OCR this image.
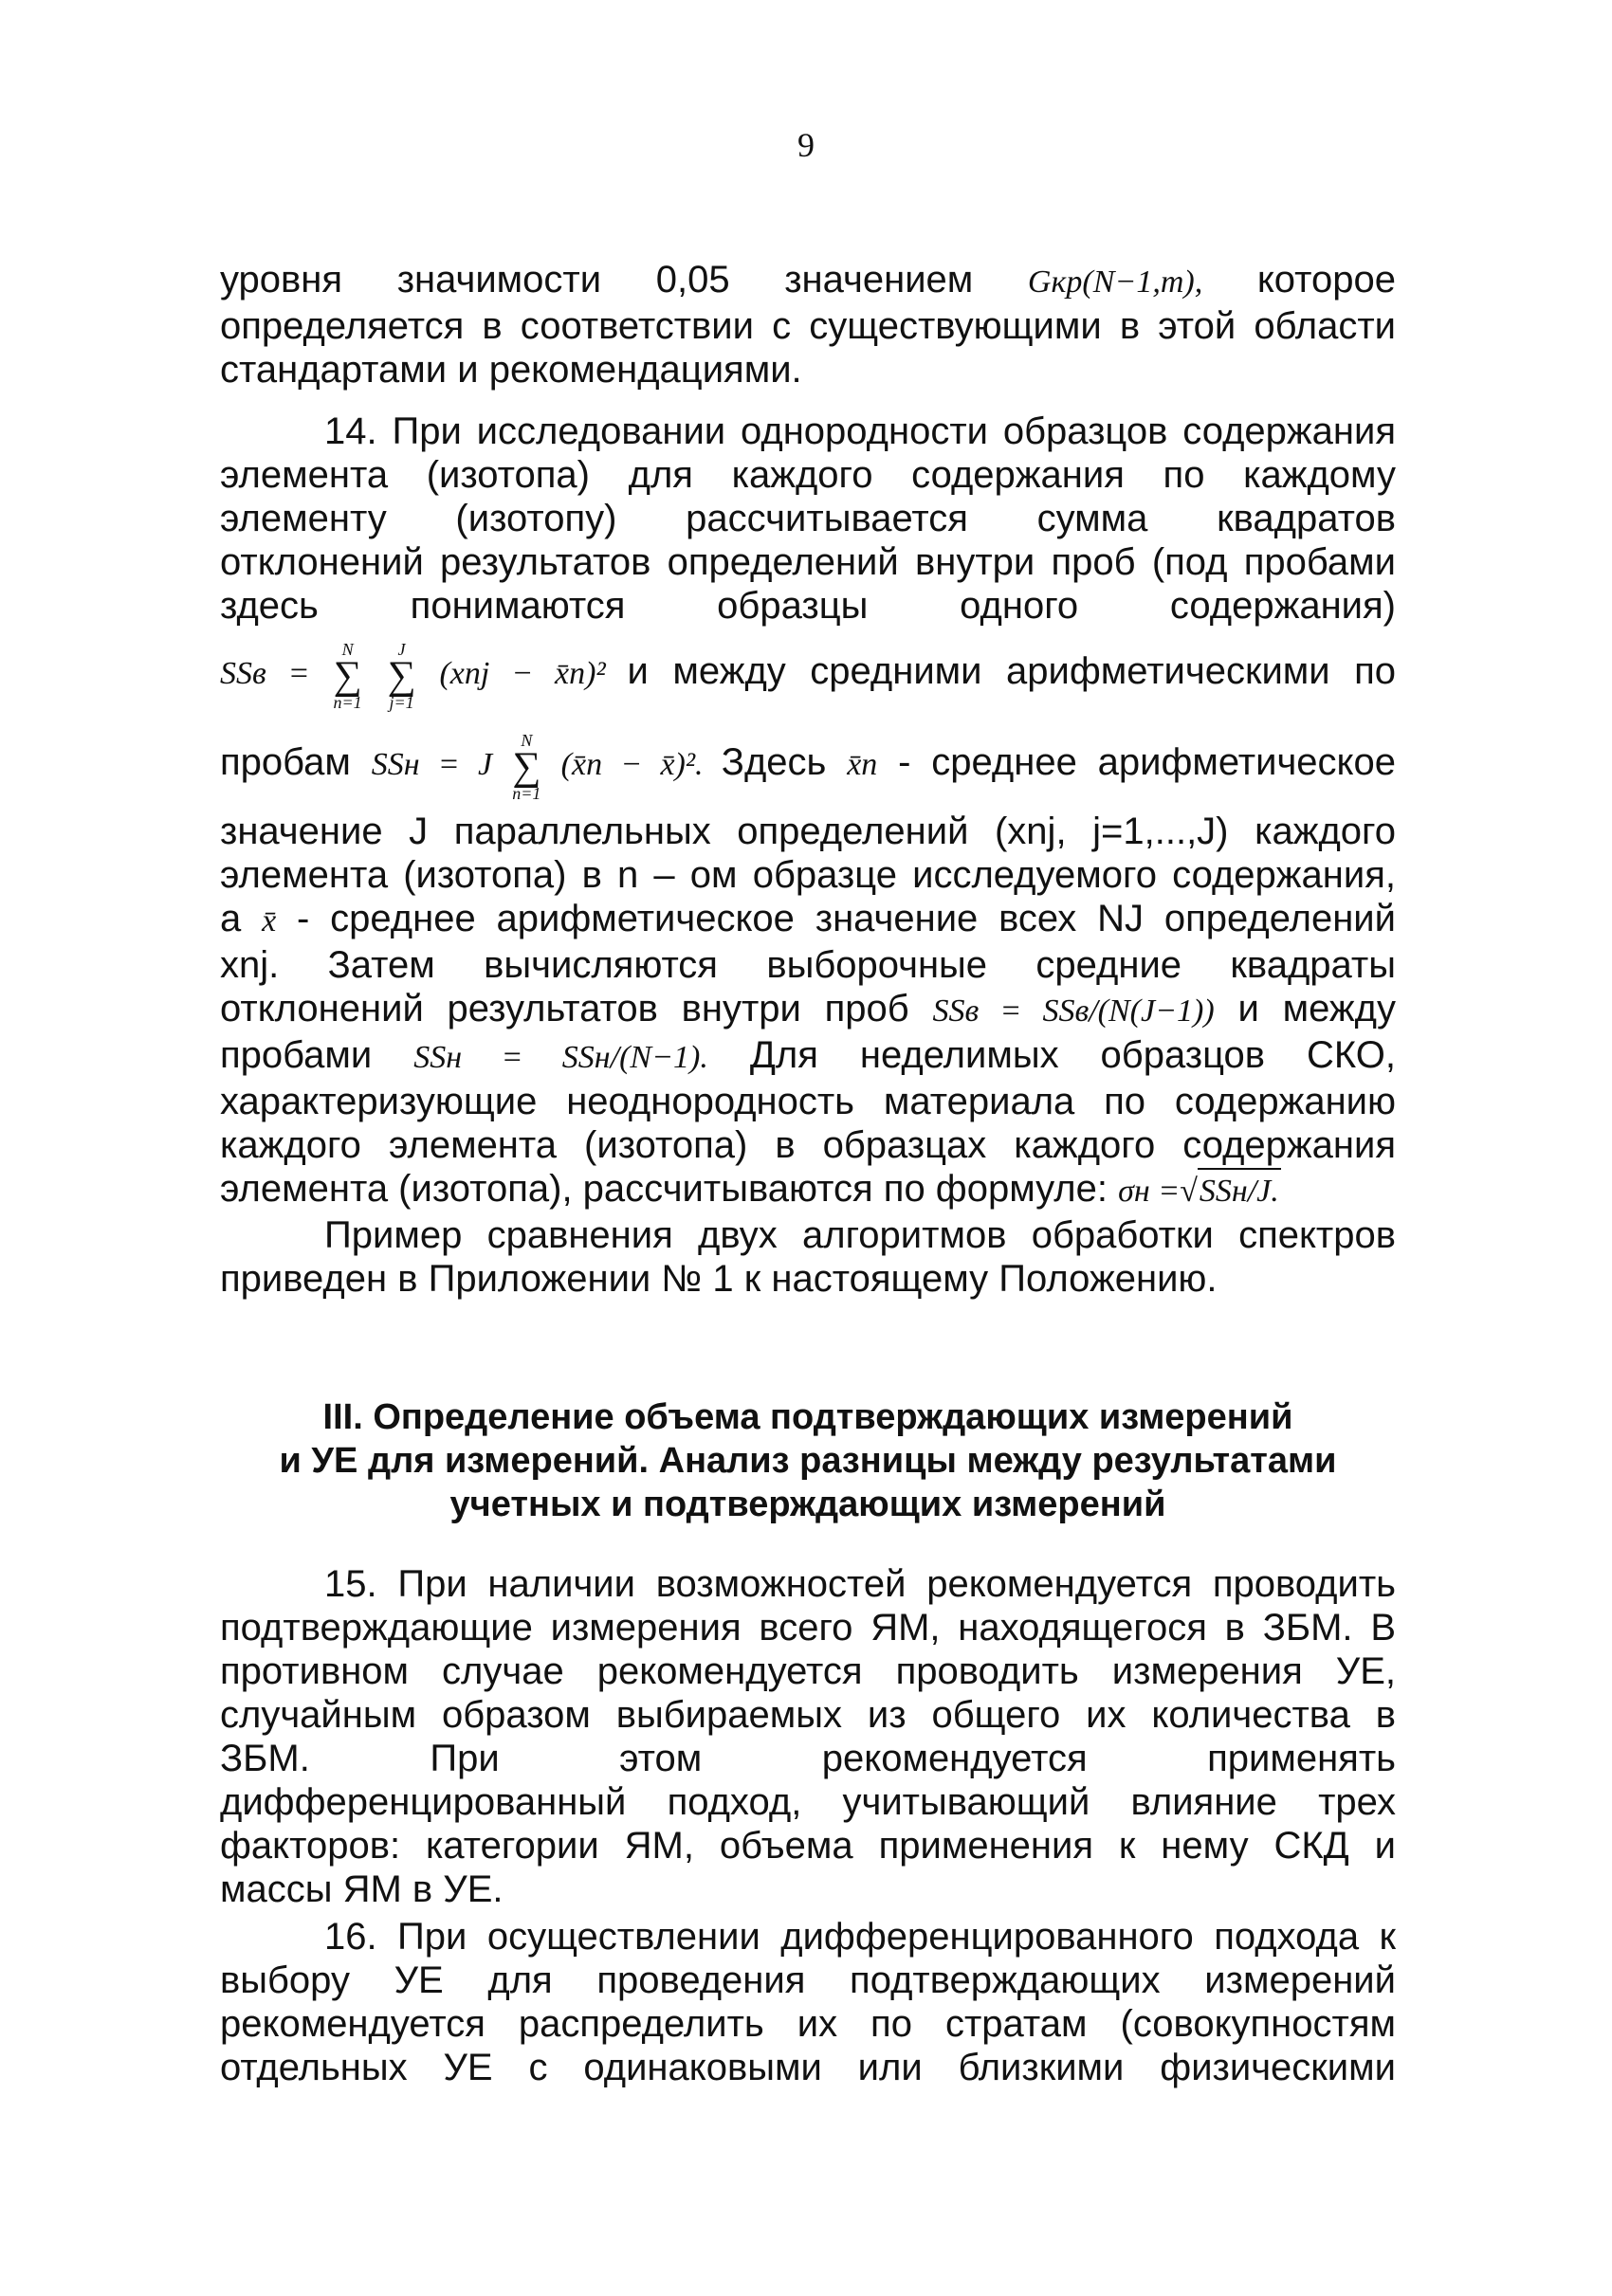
9
уровня значимости 0,05 значением Gкр(N−1,m), которое
определяется в соответствии с существующими в этой области
стандартами и рекомендациями.
14. При исследовании однородности образцов содержания
элемента (изотопа) для каждого содержания по каждому
элементу (изотопу) рассчитывается сумма квадратов
отклонений результатов определений внутри проб (под пробами
здесь понимаются образцы одного содержания)
SSв =
N
∑
n=1

J
∑
j=1
(xnj − x̄n)² и между средними арифметическими по
пробам SSн = J
N
∑
n=1
(x̄n − x̄)². Здесь x̄n - среднее арифметическое
значение J параллельных определений (xnj, j=1,...,J) каждого
элемента (изотопа) в n – ом образце исследуемого содержания,
а x̄ - среднее арифметическое значение всех NJ определений
xnj. Затем вычисляются выборочные средние квадраты
отклонений результатов внутри проб SSв = SSв/(N(J−1)) и между
пробами SSн = SSн/(N−1). Для неделимых образцов СКО,
характеризующие неоднородность материала по содержанию
каждого элемента (изотопа) в образцах каждого содержания
элемента (изотопа), рассчитываются по формуле: σн =√SSн/J.
Пример сравнения двух алгоритмов обработки спектров
приведен в Приложении № 1 к настоящему Положению.
III. Определение объема подтверждающих измерений
и УЕ для измерений. Анализ разницы между результатами
учетных и подтверждающих измерений
15. При наличии возможностей рекомендуется проводить
подтверждающие измерения всего ЯМ, находящегося в ЗБМ. В
противном случае рекомендуется проводить измерения УЕ,
случайным образом выбираемых из общего их количества в
ЗБМ. При этом рекомендуется применять
дифференцированный подход, учитывающий влияние трех
факторов: категории ЯМ, объема применения к нему СКД и
массы ЯМ в УЕ.
16. При осуществлении дифференцированного подхода к
выбору УЕ для проведения подтверждающих измерений
рекомендуется распределить их по стратам (совокупностям
отдельных УЕ с одинаковыми или близкими физическими
